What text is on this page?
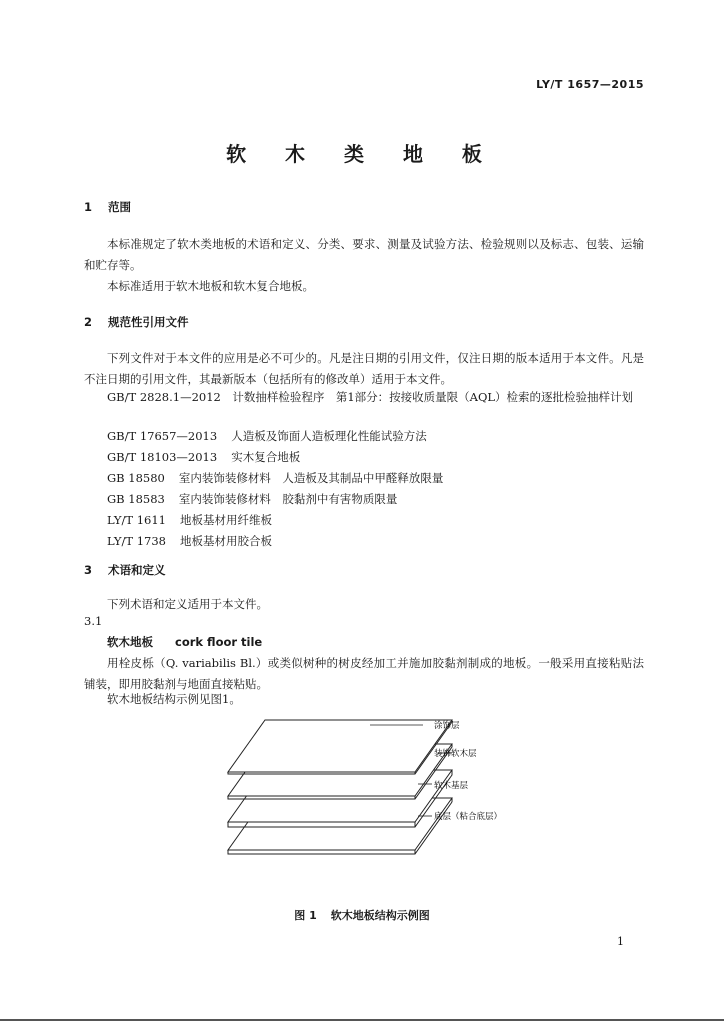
LY/T 1657—2015
软 木 类 地 板
1 范围
本标准规定了软木类地板的术语和定义、分类、要求、测量及试验方法、检验规则以及标志、包装、运输和贮存等。
本标准适用于软木地板和软木复合地板。
2 规范性引用文件
下列文件对于本文件的应用是必不可少的。凡是注日期的引用文件，仅注日期的版本适用于本文件。凡是不注日期的引用文件，其最新版本（包括所有的修改单）适用于本文件。
GB/T 2828.1—2012　计数抽样检验程序　第1部分：按接收质量限（AQL）检索的逐批检验抽样计划
GB/T 17657—2013 人造板及饰面人造板理化性能试验方法
GB/T 18103—2013 实木复合地板
GB 18580 室内装饰装修材料　人造板及其制品中甲醛释放限量
GB 18583 室内装饰装修材料　胶黏剂中有害物质限量
LY/T 1611 地板基材用纤维板
LY/T 1738 地板基材用胶合板
3 术语和定义
下列术语和定义适用于本文件。
3.1
软木地板 cork floor tile
用栓皮栎（Q. variabilis Bl.）或类似树种的树皮经加工并施加胶黏剂制成的地板。一般采用直接粘贴法铺装，即用胶黏剂与地面直接粘贴。
软木地板结构示例见图1。
涂饰层
装饰软木层
软木基层
底层（粘合底层）
图 1 软木地板结构示例图
1
